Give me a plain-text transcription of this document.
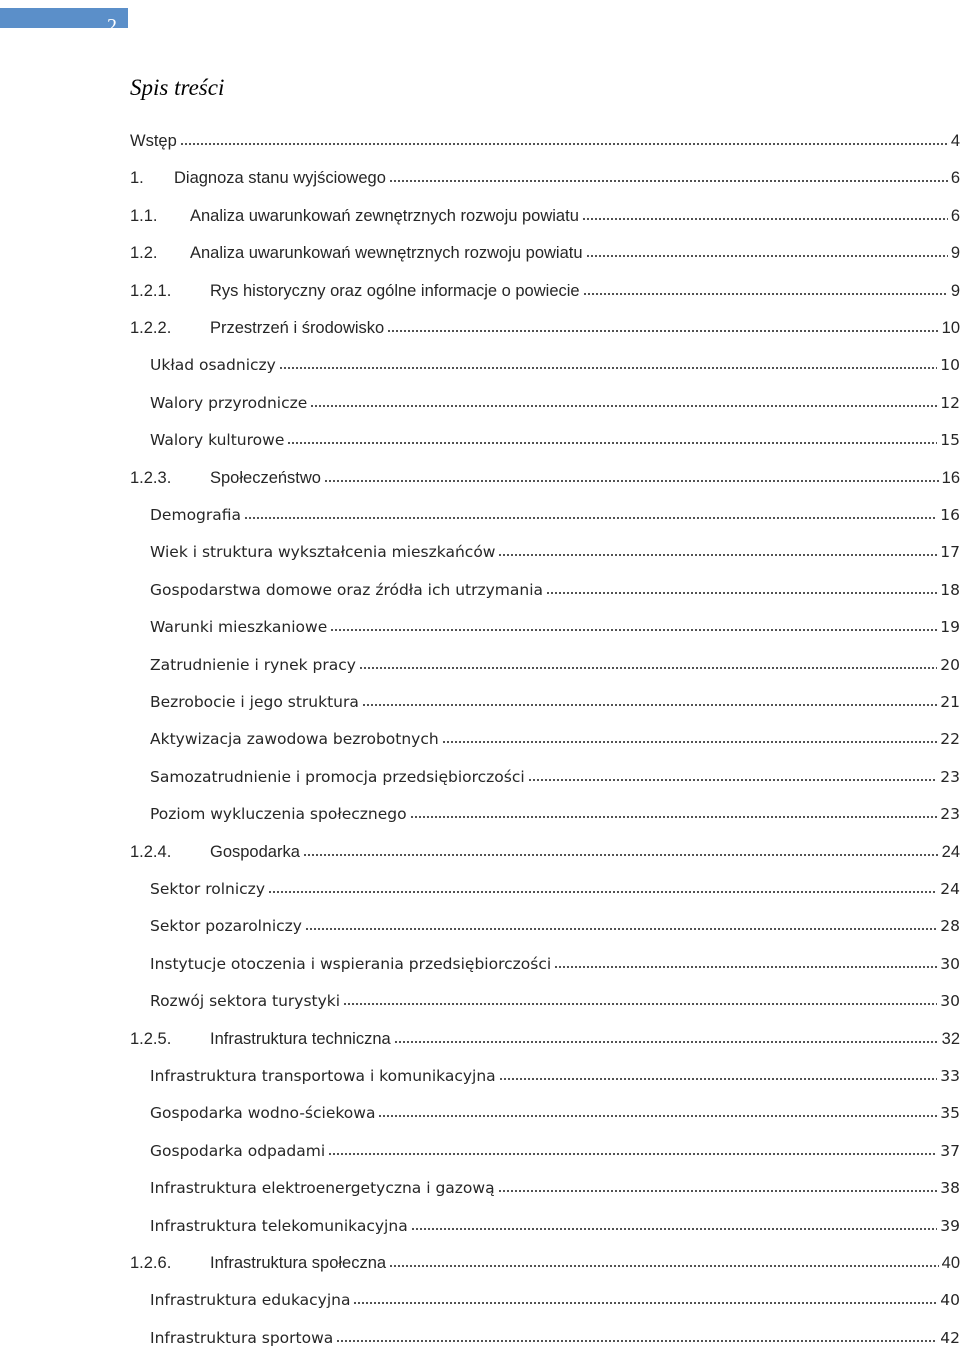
2
Spis treści
Wstęp	4
1.	Diagnoza stanu wyjściowego	6
1.1.	Analiza uwarunkowań zewnętrznych rozwoju powiatu	6
1.2.	Analiza uwarunkowań wewnętrznych rozwoju powiatu	9
1.2.1.	Rys historyczny oraz ogólne informacje o powiecie	9
1.2.2.	Przestrzeń i środowisko	10
Układ osadniczy	10
Walory przyrodnicze	12
Walory kulturowe	15
1.2.3.	Społeczeństwo	16
Demografia	16
Wiek i struktura wykształcenia mieszkańców	17
Gospodarstwa domowe oraz źródła ich utrzymania	18
Warunki mieszkaniowe	19
Zatrudnienie i rynek pracy	20
Bezrobocie i jego struktura	21
Aktywizacja zawodowa bezrobotnych	22
Samozatrudnienie i promocja przedsiębiorczości	23
Poziom wykluczenia społecznego	23
1.2.4.	Gospodarka	24
Sektor rolniczy	24
Sektor pozarolniczy	28
Instytucje otoczenia i wspierania przedsiębiorczości	30
Rozwój sektora turystyki	30
1.2.5.	Infrastruktura techniczna	32
Infrastruktura transportowa i komunikacyjna	33
Gospodarka wodno-ściekowa	35
Gospodarka odpadami	37
Infrastruktura elektroenergetyczna i gazową	38
Infrastruktura telekomunikacyjna	39
1.2.6.	Infrastruktura społeczna	40
Infrastruktura edukacyjna	40
Infrastruktura sportowa	42
